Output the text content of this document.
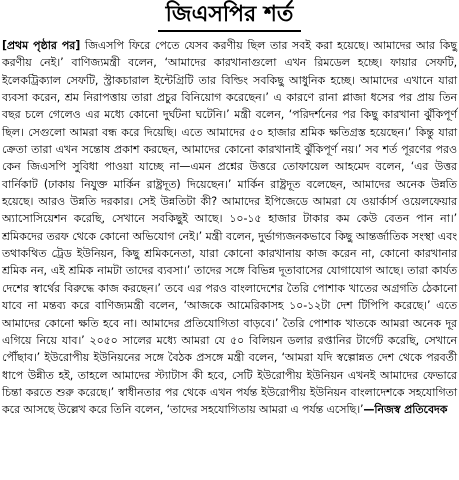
জিএসপির শর্ত
[প্রথম পৃষ্ঠার পর] জিএসপি ফিরে পেতে যেসব করণীয় ছিল তার সবই করা হয়েছে। আমাদের আর কিছু করণীয় নেই।’ বাণিজ্যমন্ত্রী বলেন, ‘আমাদের কারখানাগুলো এখন রিমডেল হচ্ছে। ফায়ার সেফটি, ইলেকট্রিক্যাল সেফটি, স্ট্রাকচারাল ইন্টেগ্রিটি তার বিল্ডিং সবকিছু আধুনিক হচ্ছে। আমাদের এখানে যারা ব্যবসা করেন, শ্রম নিরাপত্তায় তারা প্রচুর বিনিয়োগ করেছেন।’ এ কারণে রানা প্লাজা ধসের পর প্রায় তিন বছর চলে গেলেও এর মধ্যে কোনো দুর্ঘটনা ঘটেনি।’ মন্ত্রী বলেন, ‘পরিদর্শনের পর কিছু কারখানা ঝুঁকিপূর্ণ ছিল। সেগুলো আমরা বন্ধ করে দিয়েছি। এতে আমাদের ৫০ হাজার শ্রমিক ক্ষতিগ্রস্ত হয়েছেন।’ কিন্তু যারা ক্রেতা তারা এখন সন্তোষ প্রকাশ করছেন, আমাদের কোনো কারখানাই ঝুঁকিপূর্ণ নয়।’ সব শর্ত পূরণের পরও কেন জিএসপি সুবিধা পাওয়া যাচ্ছে না—এমন প্রশ্নের উত্তরে তোফায়েল আহমেদ বলেন, ‘এর উত্তর বার্নিকাট (ঢাকায় নিযুক্ত মার্কিন রাষ্ট্রদূত) দিয়েছেন।’ মার্কিন রাষ্ট্রদূত বলেছেন, আমাদের অনেক উন্নতি হয়েছে। আরও উন্নতি দরকার। সেই উন্নতিটা কী? আমাদের ইপিজেডে আমরা যে ওয়ার্কার্স ওয়েলফেয়ার অ্যাসোসিয়েশন করেছি, সেখানে সবকিছুই আছে। ১০-১৫ হাজার টাকার কম কেউ বেতন পান না।’ শ্রমিকদের তরফ থেকে কোনো অভিযোগ নেই।’ মন্ত্রী বলেন, দুর্ভাগ্যজনকভাবে কিছু আন্তর্জাতিক সংস্থা এবং তথাকথিত ট্রেড ইউনিয়ন, কিছু শ্রমিকনেতা, যারা কোনো কারখানায় কাজ করেন না, কোনো কারখানার শ্রমিক নন, এই শ্রমিক নামটা তাদের ব্যবসা।’ তাদের সঙ্গে বিভিন্ন দূতাবাসের যোগাযোগ আছে। তারা কার্যত দেশের স্বার্থের বিরুদ্ধে কাজ করছেন।’ তবে এর পরও বাংলাদেশের তৈরি পোশাক খাতের অগ্রগতি ঠেকানো যাবে না মন্তব্য করে বাণিজ্যমন্ত্রী বলেন, ‘আজকে আমেরিকাসহ ১০-১২টা দেশ টিপিপি করেছে।’ এতে আমাদের কোনো ক্ষতি হবে না। আমাদের প্রতিযোগিতা বাড়বে।’ তৈরি পোশাক খাতকে আমরা অনেক দূর এগিয়ে নিয়ে যাব।’ ২০৫০ সালের মধ্যে আমরা যে ৫০ বিলিয়ন ডলার রপ্তানির টার্গেট করেছি, সেখানে পৌঁছাব।’ ইউরোপীয় ইউনিয়নের সঙ্গে বৈঠক প্রসঙ্গে মন্ত্রী বলেন, ‘আমরা যদি স্বল্পোন্নত দেশ থেকে পরবর্তী ধাপে উন্নীত হই, তাহলে আমাদের স্ট্যাটাস কী হবে, সেটি ইউরোপীয় ইউনিয়ন এখনই আমাদের ফেভারে চিন্তা করতে শুরু করেছে।’ স্বাধীনতার পর থেকে এখন পর্যন্ত ইউরোপীয় ইউনিয়ন বাংলাদেশকে সহযোগিতা করে আসছে উল্লেখ করে তিনি বলেন, ‘তাদের সহযোগিতায় আমরা এ পর্যন্ত এসেছি।’—নিজস্ব প্রতিবেদক
